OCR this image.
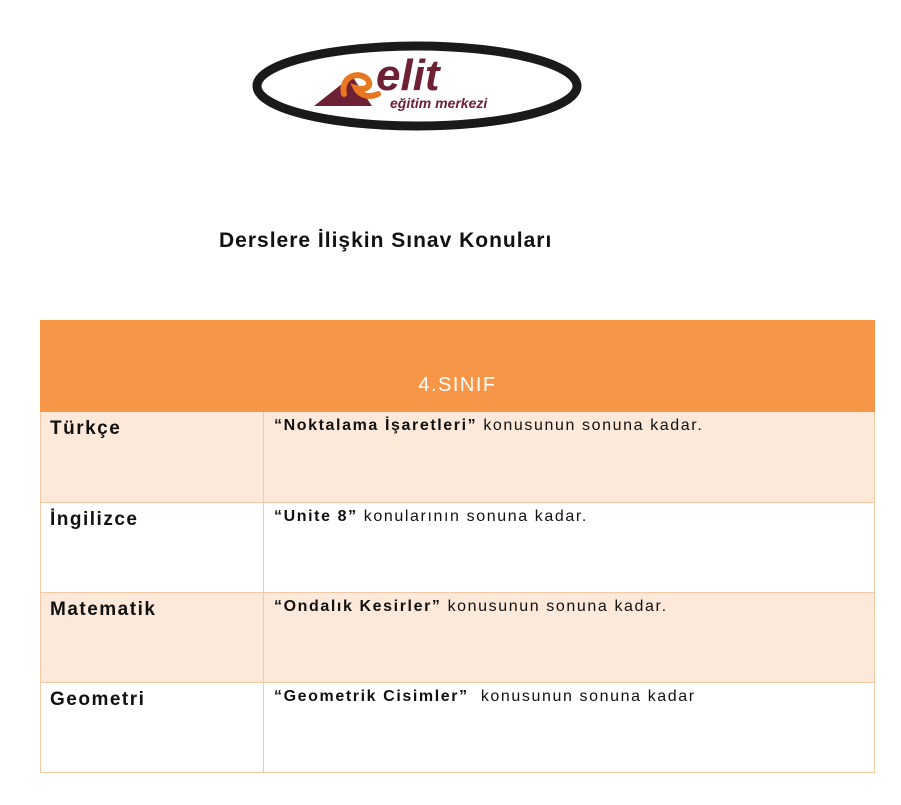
elit
eğitim merkezi
Derslere İlişkin Sınav Konuları
4.SINIF	

Türkçe	“Noktalama İşaretleri” konusunun sonuna kadar.

İngilizce	“Unite 8” konularının sonuna kadar.

Matematik	“Ondalık Kesirler” konusunun sonuna kadar.

Geometri	“Geometrik Cisimler”  konusunun sonuna kadar
